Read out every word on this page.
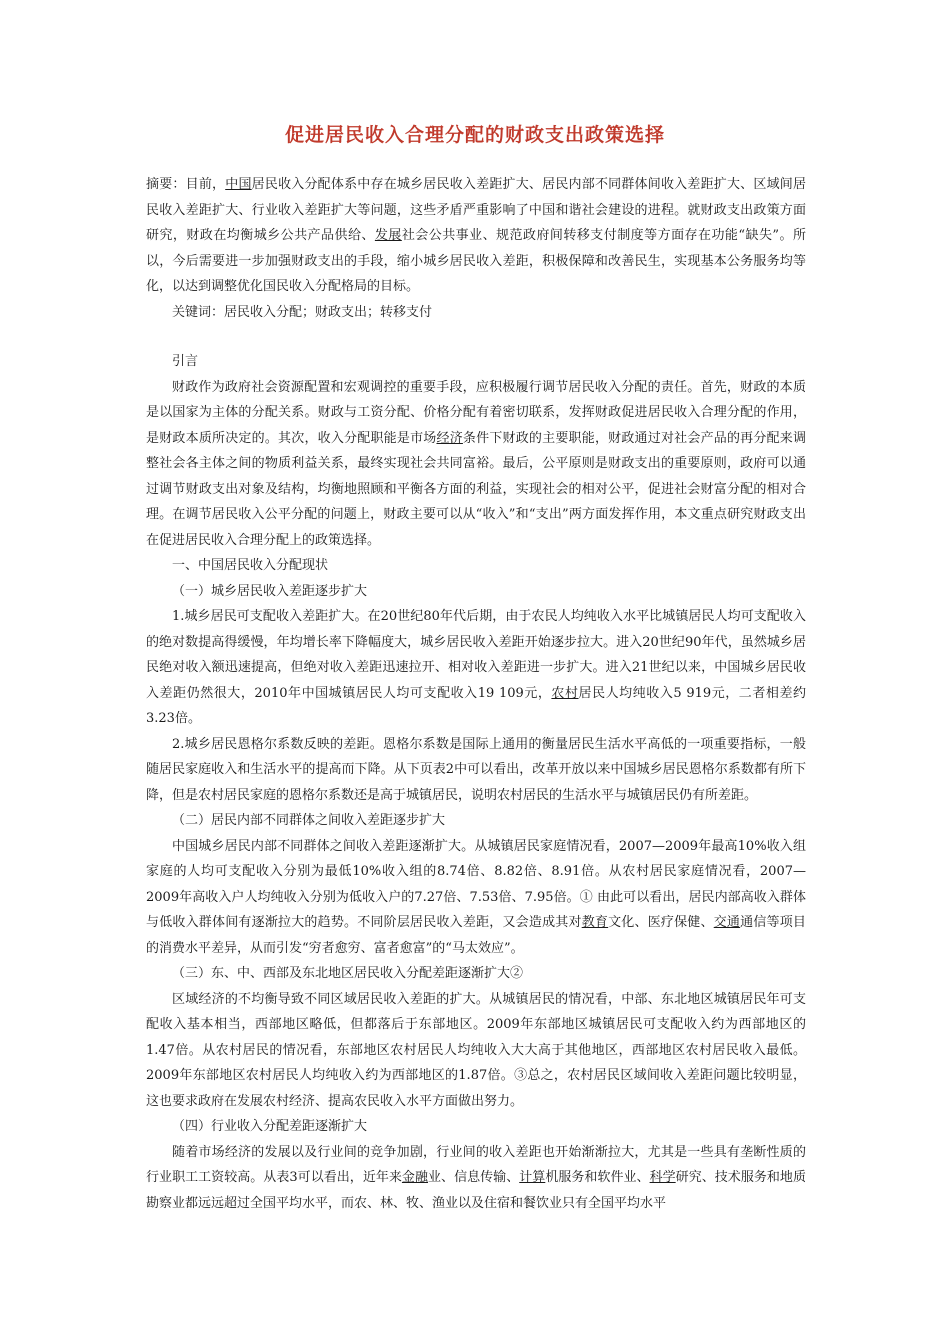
促进居民收入合理分配的财政支出政策选择

摘要：目前，中国居民收入分配体系中存在城乡居民收入差距扩大、居民内部不同群体间收入差距扩大、区域间居民收入差距扩大、行业收入差距扩大等问题，这些矛盾严重影响了中国和谐社会建设的进程。就财政支出政策方面研究，财政在均衡城乡公共产品供给、发展社会公共事业、规范政府间转移支付制度等方面存在功能“缺失”。所以，今后需要进一步加强财政支出的手段，缩小城乡居民收入差距，积极保障和改善民生，实现基本公务服务均等化，以达到调整优化国民收入分配格局的目标。

关键词：居民收入分配；财政支出；转移支付

引言

财政作为政府社会资源配置和宏观调控的重要手段，应积极履行调节居民收入分配的责任。首先，财政的本质是以国家为主体的分配关系。财政与工资分配、价格分配有着密切联系，发挥财政促进居民收入合理分配的作用，是财政本质所决定的。其次，收入分配职能是市场经济条件下财政的主要职能，财政通过对社会产品的再分配来调整社会各主体之间的物质利益关系，最终实现社会共同富裕。最后，公平原则是财政支出的重要原则，政府可以通过调节财政支出对象及结构，均衡地照顾和平衡各方面的利益，实现社会的相对公平，促进社会财富分配的相对合理。在调节居民收入公平分配的问题上，财政主要可以从“收入”和“支出”两方面发挥作用，本文重点研究财政支出在促进居民收入合理分配上的政策选择。

一、中国居民收入分配现状

（一）城乡居民收入差距逐步扩大

1.城乡居民可支配收入差距扩大。在20世纪80年代后期，由于农民人均纯收入水平比城镇居民人均可支配收入的绝对数提高得缓慢，年均增长率下降幅度大，城乡居民收入差距开始逐步拉大。进入20世纪90年代，虽然城乡居民绝对收入额迅速提高，但绝对收入差距迅速拉开、相对收入差距进一步扩大。进入21世纪以来，中国城乡居民收入差距仍然很大，2010年中国城镇居民人均可支配收入19 109元，农村居民人均纯收入5 919元，二者相差约3.23倍。

2.城乡居民恩格尔系数反映的差距。恩格尔系数是国际上通用的衡量居民生活水平高低的一项重要指标，一般随居民家庭收入和生活水平的提高而下降。从下页表2中可以看出，改革开放以来中国城乡居民恩格尔系数都有所下降，但是农村居民家庭的恩格尔系数还是高于城镇居民，说明农村居民的生活水平与城镇居民仍有所差距。

（二）居民内部不同群体之间收入差距逐步扩大

中国城乡居民内部不同群体之间收入差距逐渐扩大。从城镇居民家庭情况看，2007—2009年最高10%收入组家庭的人均可支配收入分别为最低10%收入组的8.74倍、8.82倍、8.91倍。从农村居民家庭情况看，2007—2009年高收入户人均纯收入分别为低收入户的7.27倍、7.53倍、7.95倍。① 由此可以看出，居民内部高收入群体与低收入群体间有逐渐拉大的趋势。不同阶层居民收入差距，又会造成其对教育文化、医疗保健、交通通信等项目的消费水平差异，从而引发“穷者愈穷、富者愈富”的“马太效应”。

（三）东、中、西部及东北地区居民收入分配差距逐渐扩大②

区域经济的不均衡导致不同区域居民收入差距的扩大。从城镇居民的情况看，中部、东北地区城镇居民年可支配收入基本相当，西部地区略低，但都落后于东部地区。2009年东部地区城镇居民可支配收入约为西部地区的1.47倍。从农村居民的情况看，东部地区农村居民人均纯收入大大高于其他地区，西部地区农村居民收入最低。2009年东部地区农村居民人均纯收入约为西部地区的1.87倍。③总之，农村居民区域间收入差距问题比较明显，这也要求政府在发展农村经济、提高农民收入水平方面做出努力。

（四）行业收入分配差距逐渐扩大

随着市场经济的发展以及行业间的竞争加剧，行业间的收入差距也开始渐渐拉大，尤其是一些具有垄断性质的行业职工工资较高。从表3可以看出，近年来金融业、信息传输、计算机服务和软件业、科学研究、技术服务和地质勘察业都远远超过全国平均水平，而农、林、牧、渔业以及住宿和餐饮业只有全国平均水平
